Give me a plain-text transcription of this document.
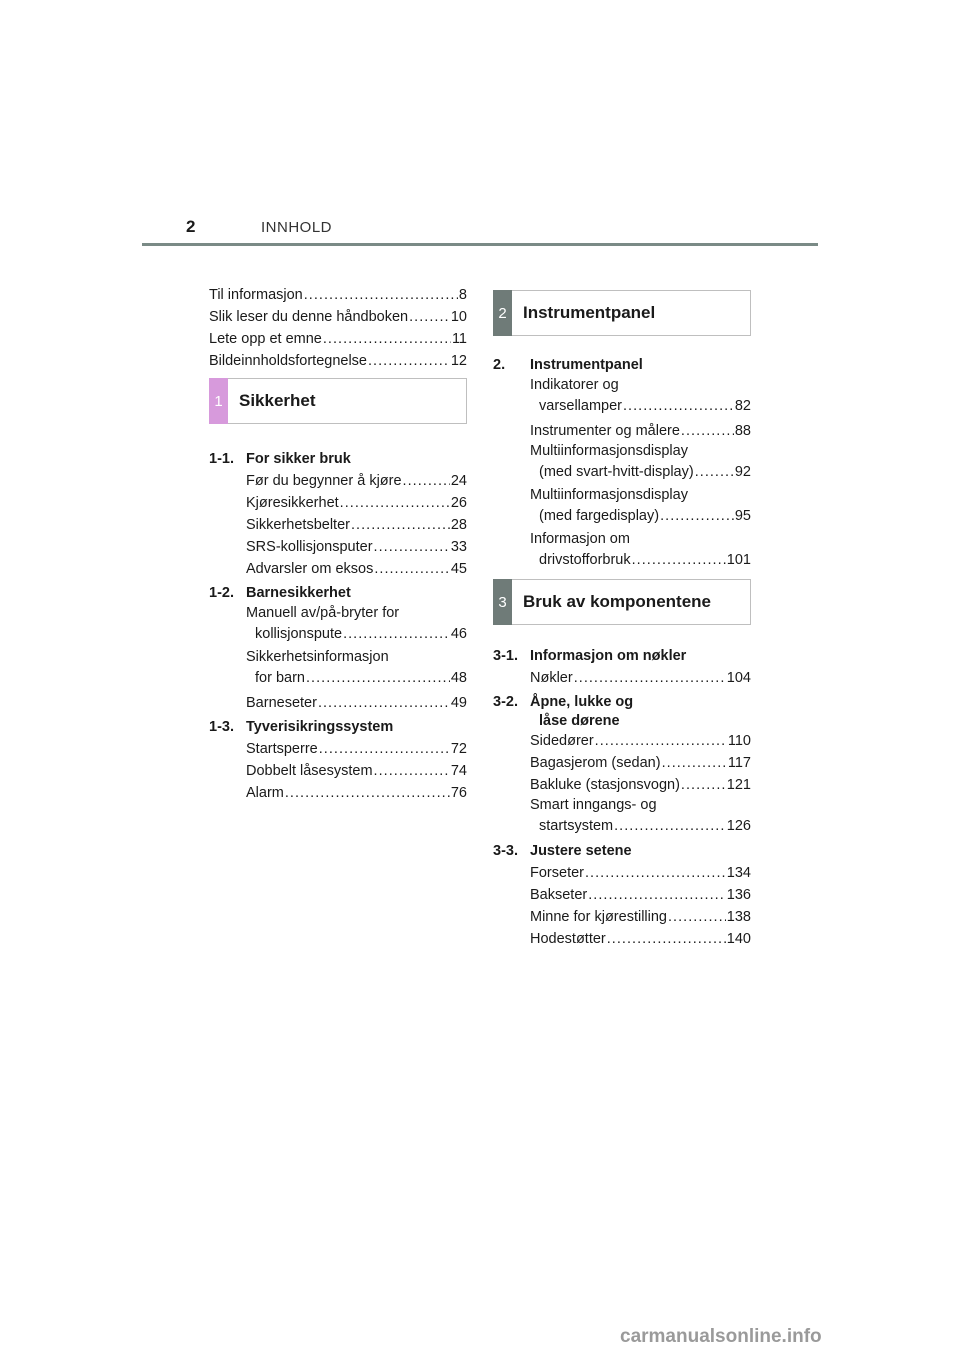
2	INNHOLD
Til informasjon . . .	8
Slik leser du denne håndboken . . .	10
Lete opp et emne . . .	11
Bildeinnholdsfortegnelse . . .	12
1 Sikkerhet
1-1. For sikker bruk
Før du begynner å kjøre . . .	24
Kjøresikkerhet . . .	26
Sikkerhetsbelter . . .	28
SRS-kollisjonsputer . . .	33
Advarsler om eksos . . .	45
1-2. Barnesikkerhet
Manuell av/på-bryter for
kollisjonspute . . .	46
Sikkerhetsinformasjon
for barn . . .	48
Barneseter . . .	49
1-3. Tyverisikringssystem
Startsperre . . .	72
Dobbelt låsesystem . . .	74
Alarm . . .	76
2 Instrumentpanel
2.	Instrumentpanel
Indikatorer og
varsellamper . . .	82
Instrumenter og målere . . .	88
Multiinformasjonsdisplay
(med svart-hvitt-display) . . .	92
Multiinformasjonsdisplay
(med fargedisplay) . . .	95
Informasjon om
drivstofforbruk . . .	101
3 Bruk av komponentene
3-1. Informasjon om nøkler
Nøkler . . .	104
3-2. Åpne, lukke og
låse dørene
Sidedører . . .	110
Bagasjerom (sedan) . . .	117
Bakluke (stasjonsvogn) . . .	121
Smart inngangs- og
startsystem . . .	126
3-3. Justere setene
Forseter . . .	134
Bakseter . . .	136
Minne for kjørestilling . . .	138
Hodestøtter . . .	140
carmanualsonline.info
